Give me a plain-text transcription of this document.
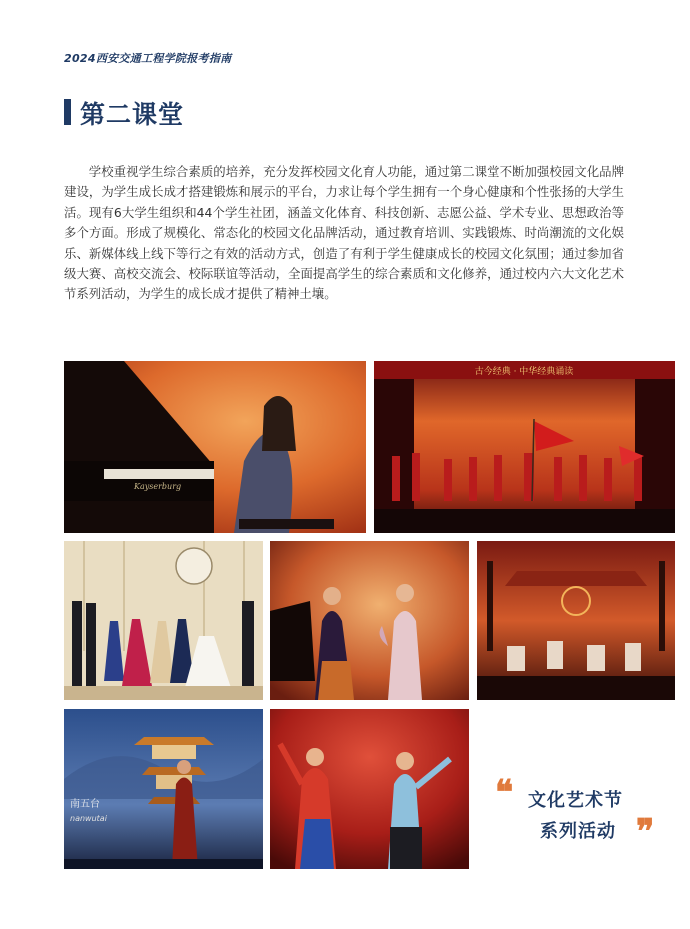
2024西安交通工程学院报考指南
第二课堂

学校重视学生综合素质的培养，充分发挥校园文化育人功能，通过第二课堂不断加强校园文化品牌建设，为学生成长成才搭建锻炼和展示的平台，力求让每个学生拥有一个身心健康和个性张扬的大学生活。现有6大学生组织和44个学生社团，涵盖文化体育、科技创新、志愿公益、学术专业、思想政治等多个方面。形成了规模化、常态化的校园文化品牌活动，通过教育培训、实践锻炼、时尚潮流的文化娱乐、新媒体线上线下等行之有效的活动方式，创造了有利于学生健康成长的校园文化氛围；通过参加省级大赛、高校交流会、校际联谊等活动，全面提高学生的综合素质和文化修养，通过校内六大文化艺术节系列活动，为学生的成长成才提供了精神土壤。

Kayserburg
古今经典 · 中华经典诵读
南五台
nanwutai
❝ 文化艺术节
系列活动 ❞
